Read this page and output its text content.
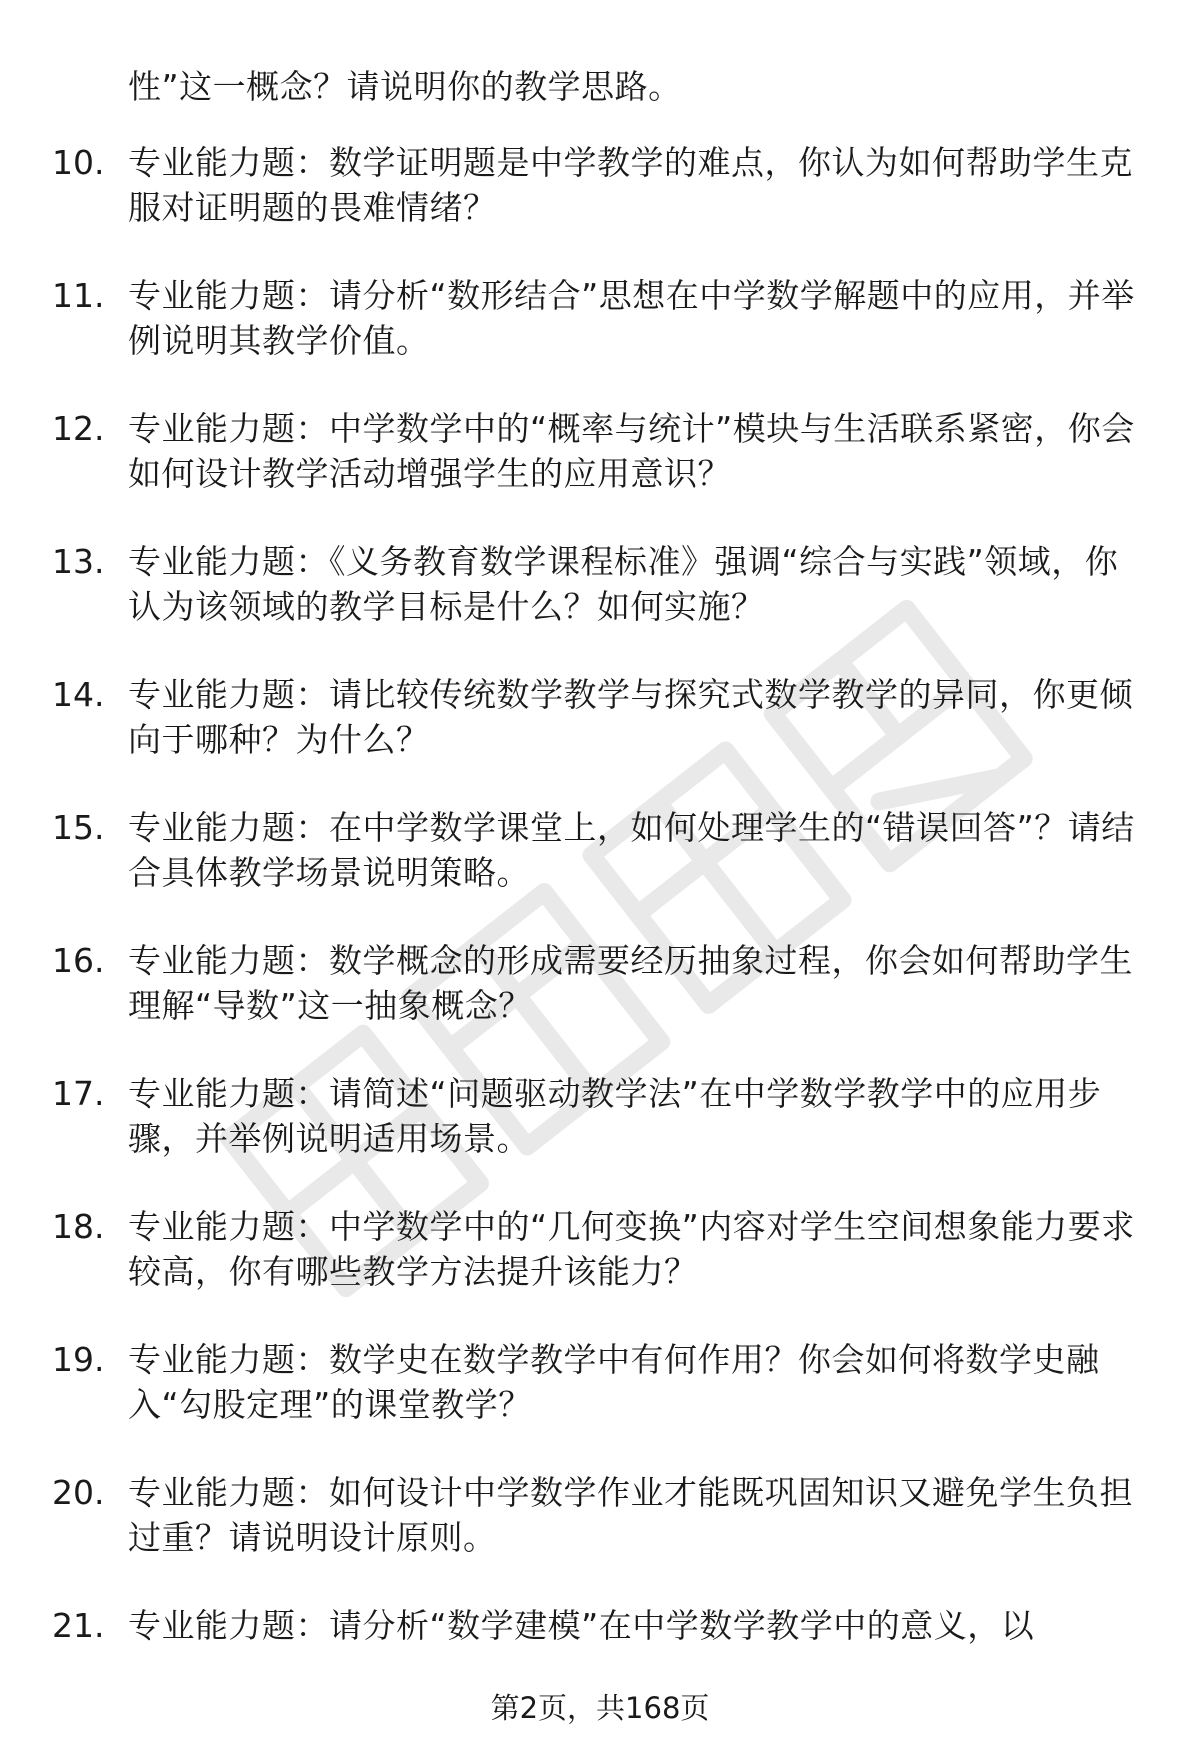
性”这一概念？请说明你的教学思路。
10. 专业能力题：数学证明题是中学教学的难点，你认为如何帮助学生克服对证明题的畏难情绪？
11. 专业能力题：请分析“数形结合”思想在中学数学解题中的应用，并举例说明其教学价值。
12. 专业能力题：中学数学中的“概率与统计”模块与生活联系紧密，你会如何设计教学活动增强学生的应用意识？
13. 专业能力题：《义务教育数学课程标准》强调“综合与实践”领域，你认为该领域的教学目标是什么？如何实施？
14. 专业能力题：请比较传统数学教学与探究式数学教学的异同，你更倾向于哪种？为什么？
15. 专业能力题：在中学数学课堂上，如何处理学生的“错误回答”？请结合具体教学场景说明策略。
16. 专业能力题：数学概念的形成需要经历抽象过程，你会如何帮助学生理解“导数”这一抽象概念？
17. 专业能力题：请简述“问题驱动教学法”在中学数学教学中的应用步骤，并举例说明适用场景。
18. 专业能力题：中学数学中的“几何变换”内容对学生空间想象能力要求较高，你有哪些教学方法提升该能力？
19. 专业能力题：数学史在数学教学中有何作用？你会如何将数学史融入“勾股定理”的课堂教学？
20. 专业能力题：如何设计中学数学作业才能既巩固知识又避免学生负担过重？请说明设计原则。
21. 专业能力题：请分析“数学建模”在中学数学教学中的意义，以
第2页，共168页
